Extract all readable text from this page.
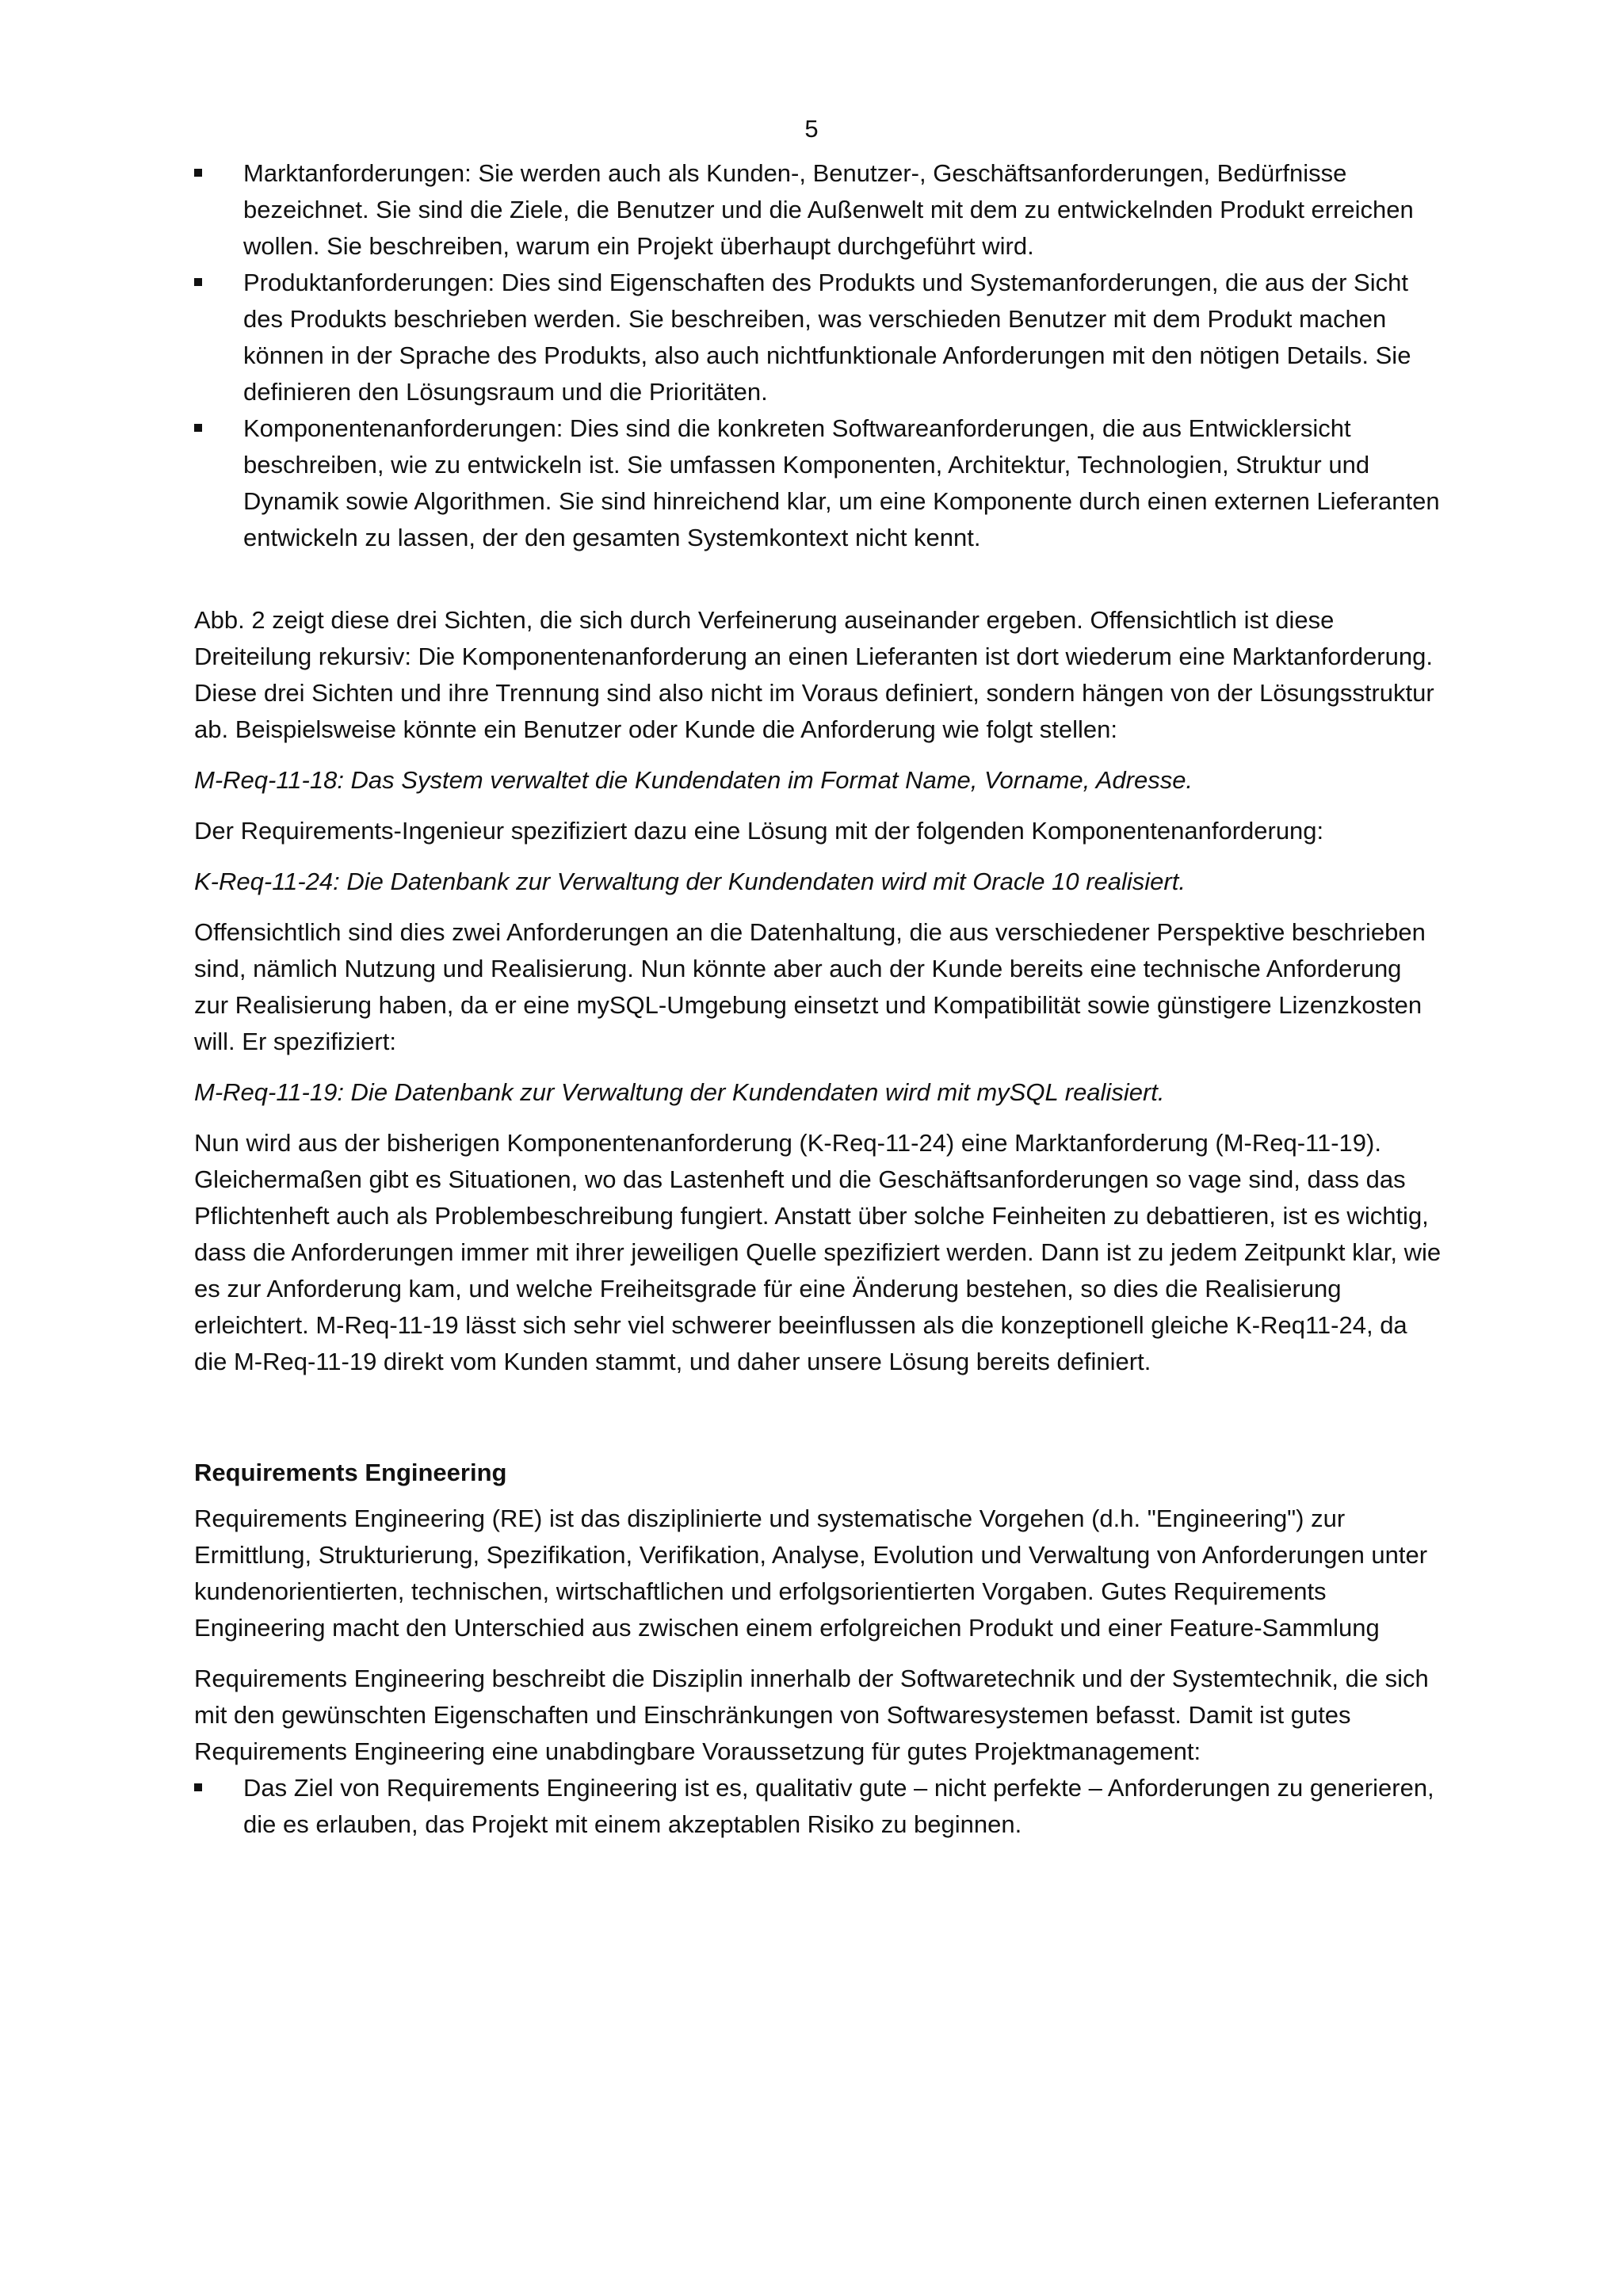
5
Marktanforderungen: Sie werden auch als Kunden-, Benutzer-, Geschäftsanforderungen, Bedürfnisse bezeichnet. Sie sind die Ziele, die Benutzer und die Außenwelt mit dem zu entwickelnden Produkt erreichen wollen. Sie beschreiben, warum ein Projekt überhaupt durchgeführt wird.
Produktanforderungen: Dies sind Eigenschaften des Produkts und Systemanforderungen, die aus der Sicht des Produkts beschrieben werden. Sie beschreiben, was verschieden Benutzer mit dem Produkt machen können in der Sprache des Produkts, also auch nichtfunktionale Anforderungen mit den nötigen Details. Sie definieren den Lösungsraum und die Prioritäten.
Komponentenanforderungen: Dies sind die konkreten Softwareanforderungen, die aus Entwicklersicht beschreiben, wie zu entwickeln ist. Sie umfassen Komponenten, Architektur, Technologien, Struktur und Dynamik sowie Algorithmen. Sie sind hinreichend klar, um eine Komponente durch einen externen Lieferanten entwickeln zu lassen, der den gesamten Systemkontext nicht kennt.

Abb. 2 zeigt diese drei Sichten, die sich durch Verfeinerung auseinander ergeben. Offensichtlich ist diese Dreiteilung rekursiv: Die Komponentenanforderung an einen Lieferanten ist dort wiederum eine Marktanforderung. Diese drei Sichten und ihre Trennung sind also nicht im Voraus definiert, sondern hängen von der Lösungsstruktur ab. Beispielsweise könnte ein Benutzer oder Kunde die Anforderung wie folgt stellen:

M-Req-11-18: Das System verwaltet die Kundendaten im Format Name, Vorname, Adresse.

Der Requirements-Ingenieur spezifiziert dazu eine Lösung mit der folgenden Komponentenanforderung:

K-Req-11-24: Die Datenbank zur Verwaltung der Kundendaten wird mit Oracle 10 realisiert.

Offensichtlich sind dies zwei Anforderungen an die Datenhaltung, die aus verschiedener Perspektive beschrieben sind, nämlich Nutzung und Realisierung. Nun könnte aber auch der Kunde bereits eine technische Anforderung zur Realisierung haben, da er eine mySQL-Umgebung einsetzt und Kompatibilität sowie günstigere Lizenzkosten will. Er spezifiziert:

M-Req-11-19: Die Datenbank zur Verwaltung der Kundendaten wird mit mySQL realisiert.

Nun wird aus der bisherigen Komponentenanforderung (K-Req-11-24) eine Marktanforderung (M-Req-11-19). Gleichermaßen gibt es Situationen, wo das Lastenheft und die Geschäftsanforderungen so vage sind, dass das Pflichtenheft auch als Problembeschreibung fungiert. Anstatt über solche Feinheiten zu debattieren, ist es wichtig, dass die Anforderungen immer mit ihrer jeweiligen Quelle spezifiziert werden. Dann ist zu jedem Zeitpunkt klar, wie es zur Anforderung kam, und welche Freiheitsgrade für eine Änderung bestehen, so dies die Realisierung erleichtert. M-Req-11-19 lässt sich sehr viel schwerer beeinflussen als die konzeptionell gleiche K-Req11-24, da die M-Req-11-19 direkt vom Kunden stammt, und daher unsere Lösung bereits definiert.

Requirements Engineering

Requirements Engineering (RE) ist das disziplinierte und systematische Vorgehen (d.h. "Engineering") zur Ermittlung, Strukturierung, Spezifikation, Verifikation, Analyse, Evolution und Verwaltung von Anforderungen unter kundenorientierten, technischen, wirtschaftlichen und erfolgsorientierten Vorgaben. Gutes Requirements Engineering macht den Unterschied aus zwischen einem erfolgreichen Produkt und einer Feature-Sammlung

Requirements Engineering beschreibt die Disziplin innerhalb der Softwaretechnik und der Systemtechnik, die sich mit den gewünschten Eigenschaften und Einschränkungen von Softwaresystemen befasst. Damit ist gutes Requirements Engineering eine unabdingbare Voraussetzung für gutes Projektmanagement:

Das Ziel von Requirements Engineering ist es, qualitativ gute – nicht perfekte – Anforderungen zu generieren, die es erlauben, das Projekt mit einem akzeptablen Risiko zu beginnen.
